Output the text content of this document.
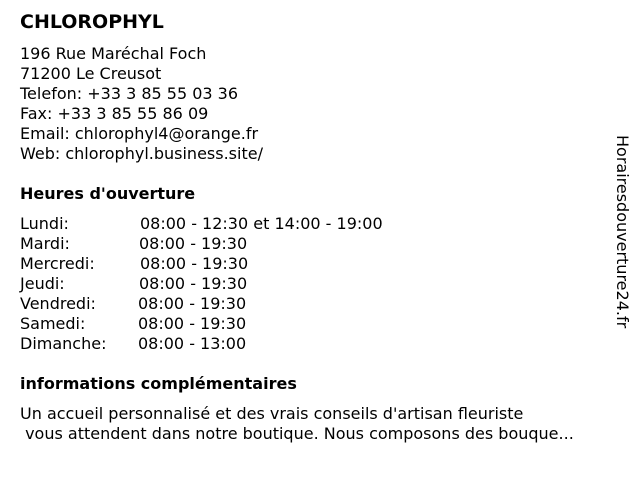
CHLOROPHYL
196 Rue Maréchal Foch
71200 Le Creusot
Telefon: +33 3 85 55 03 36
Fax: +33 3 85 55 86 09
Email: chlorophyl4@orange.fr
Web: chlorophyl.business.site/
Heures d'ouverture
Lundi:	08:00 - 12:30 et 14:00 - 19:00
Mardi:	08:00 - 19:30
Mercredi:	08:00 - 19:30
Jeudi:	08:00 - 19:30
Vendredi:	08:00 - 19:30
Samedi:	08:00 - 19:30
Dimanche: 08:00 - 13:00
informations complémentaires
Un accueil personnalisé et des vrais conseils d'artisan fleuriste
vous attendent dans notre boutique. Nous composons des bouque...
Horairesdouverture24.fr
